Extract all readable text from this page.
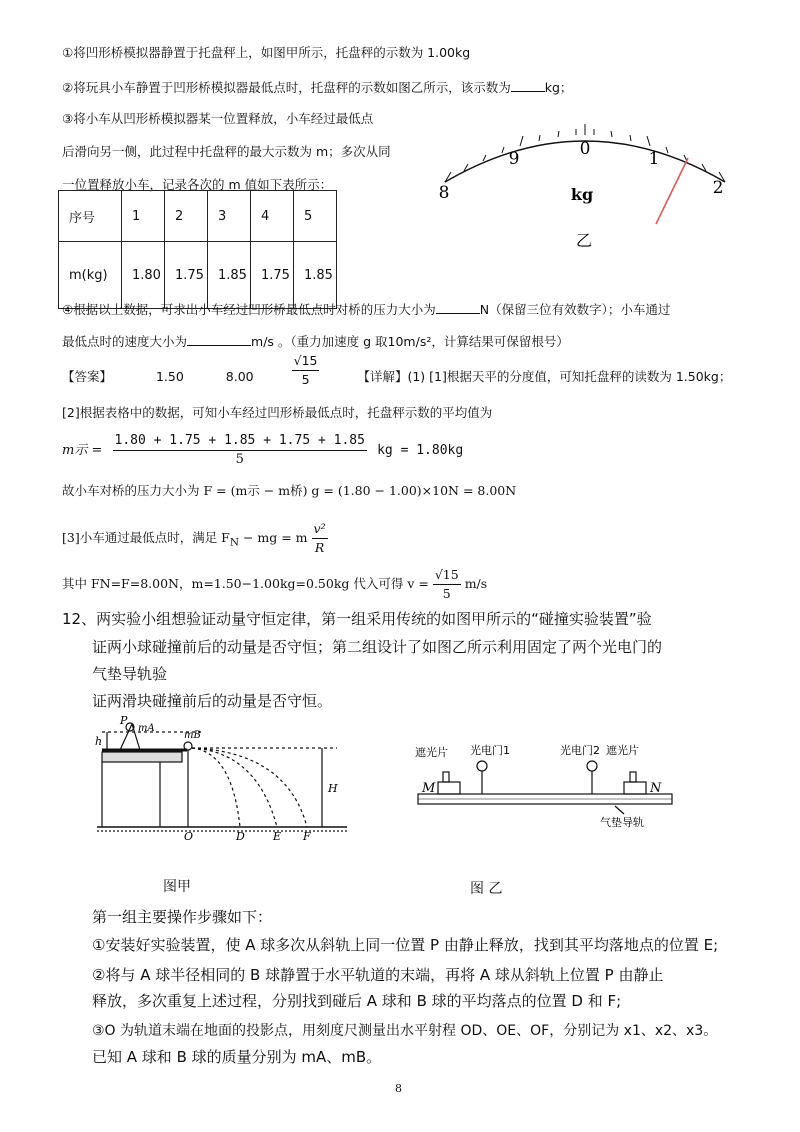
①将凹形桥模拟器静置于托盘秤上，如图甲所示，托盘秤的示数为 1.00kg
②将玩具小车静置于凹形桥模拟器最低点时，托盘秤的示数如图乙所示，该示数为	kg；
③将小车从凹形桥模拟器某一位置释放，小车经过最低点
后滑向另一侧，此过程中托盘秤的最大示数为 m；多次从同
一位置释放小车，记录各次的 m 值如下表所示：
序号	1	2	3	4	5
m(kg)	1.80	1.75	1.85	1.75	1.85
8
9	0	1
2
kg
乙
④根据以上数据，可求出小车经过凹形桥最低点时对桥的压力大小为	N（保留三位有效数字）；小车通过
最低点时的速度大小为	m/s 。（重力加速度 g 取10m/s²，计算结果可保留根号）
【答案】	1.50	8.00	$\frac{√15}{5}$	【详解】(1) [1]根据天平的分度值，可知托盘秤的读数为 1.50kg；
[2]根据表格中的数据，可知小车经过凹形桥最低点时，托盘秤示数的平均值为
m示 = $\frac{1.80 + 1.75 + 1.85 + 1.75 + 1.85}{5}$ kg = 1.80kg
故小车对桥的压力大小为 F = (m示 − m桥) g = (1.80 − 1.00)×10N = 8.00N
[3]小车通过最低点时，满足 $F_N$ − mg = m $\frac{\text{v²}}{R}$
其中 FN=F=8.00N，m=1.50−1.00kg=0.50kg 代入可得 $v = \frac{√15}{5} m/s$
12、两实验小组想验证动量守恒定律，第一组采用传统的如图甲所示的“碰撞实验装置”验
证两小球碰撞前后的动量是否守恒；第二组设计了如图乙所示利用固定了两个光电门的
气垫导轨验
证两滑块碰撞前后的动量是否守恒。
P
mA
h	mB
H
O	D	E F
遮光片 光电门1	光电门2 遮光片
M	N
气垫导轨
图甲	图 乙
第一组主要操作步骤如下：
①安装好实验装置，使 A 球多次从斜轨上同一位置 P 由静止释放，找到其平均落地点的位置 E;
②将与 A 球半径相同的 B 球静置于水平轨道的末端，再将 A 球从斜轨上位置 P 由静止
释放，多次重复上述过程，分别找到碰后 A 球和 B 球的平均落点的位置 D 和 F;
③O 为轨道末端在地面的投影点，用刻度尺测量出水平射程 OD、OE、OF，分别记为 x1、x2、x3。
已知 A 球和 B 球的质量分别为 mA、mB。
8
